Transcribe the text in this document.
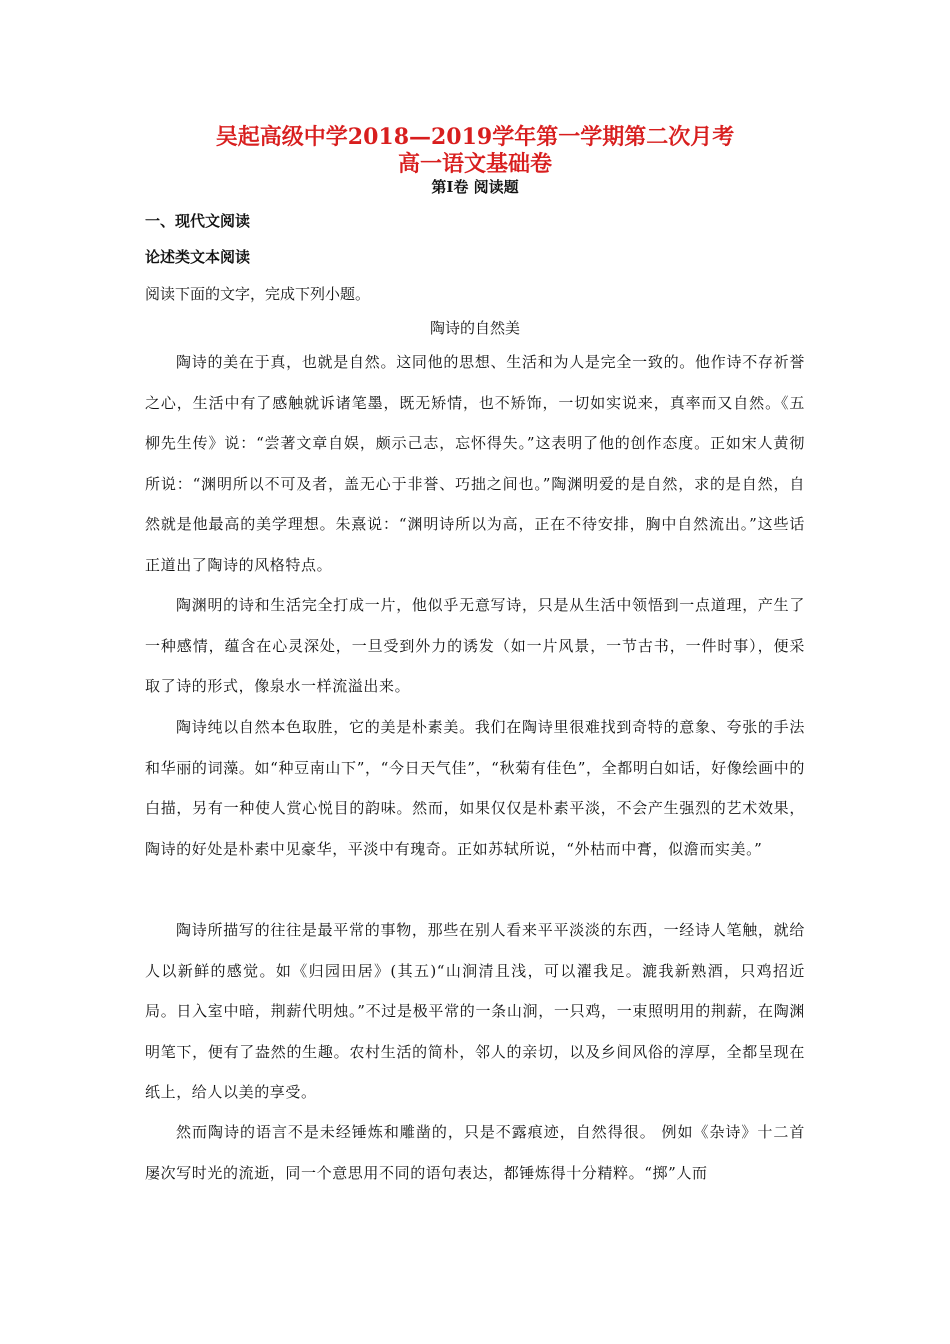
吴起高级中学2018—2019学年第一学期第二次月考
高一语文基础卷
第Ⅰ卷 阅读题
一、现代文阅读
论述类文本阅读
阅读下面的文字，完成下列小题。
陶诗的自然美

陶诗的美在于真，也就是自然。这同他的思想、生活和为人是完全一致的。他作诗不存祈誉之心，生活中有了感触就诉诸笔墨，既无矫情，也不矫饰，一切如实说来，真率而又自然。《五柳先生传》说：“尝著文章自娱，颇示己志，忘怀得失。”这表明了他的创作态度。正如宋人黄彻所说：“渊明所以不可及者，盖无心于非誉、巧拙之间也。”陶渊明爱的是自然，求的是自然，自然就是他最高的美学理想。朱熹说：“渊明诗所以为高，正在不待安排，胸中自然流出。”这些话正道出了陶诗的风格特点。

陶渊明的诗和生活完全打成一片，他似乎无意写诗，只是从生活中领悟到一点道理，产生了一种感情，蕴含在心灵深处，一旦受到外力的诱发（如一片风景，一节古书，一件时事），便采取了诗的形式，像泉水一样流溢出来。

陶诗纯以自然本色取胜，它的美是朴素美。我们在陶诗里很难找到奇特的意象、夸张的手法和华丽的词藻。如“种豆南山下”，“今日天气佳”，“秋菊有佳色”，全都明白如话，好像绘画中的白描，另有一种使人赏心悦目的韵味。然而，如果仅仅是朴素平淡，不会产生强烈的艺术效果，陶诗的好处是朴素中见豪华，平淡中有瑰奇。正如苏轼所说，“外枯而中膏，似澹而实美。”

陶诗所描写的往往是最平常的事物，那些在别人看来平平淡淡的东西，一经诗人笔触，就给人以新鲜的感觉。如《归园田居》(其五)“山涧清且浅，可以濯我足。漉我新熟酒，只鸡招近局。日入室中暗，荆薪代明烛。”不过是极平常的一条山涧，一只鸡，一束照明用的荆薪，在陶渊明笔下，便有了盎然的生趣。农村生活的简朴，邻人的亲切，以及乡间风俗的淳厚，全都呈现在纸上，给人以美的享受。

然而陶诗的语言不是未经锤炼和雕凿的，只是不露痕迹，自然得很。 例如《杂诗》十二首屡次写时光的流逝，同一个意思用不同的语句表达，都锤炼得十分精粹。“掷”人而
